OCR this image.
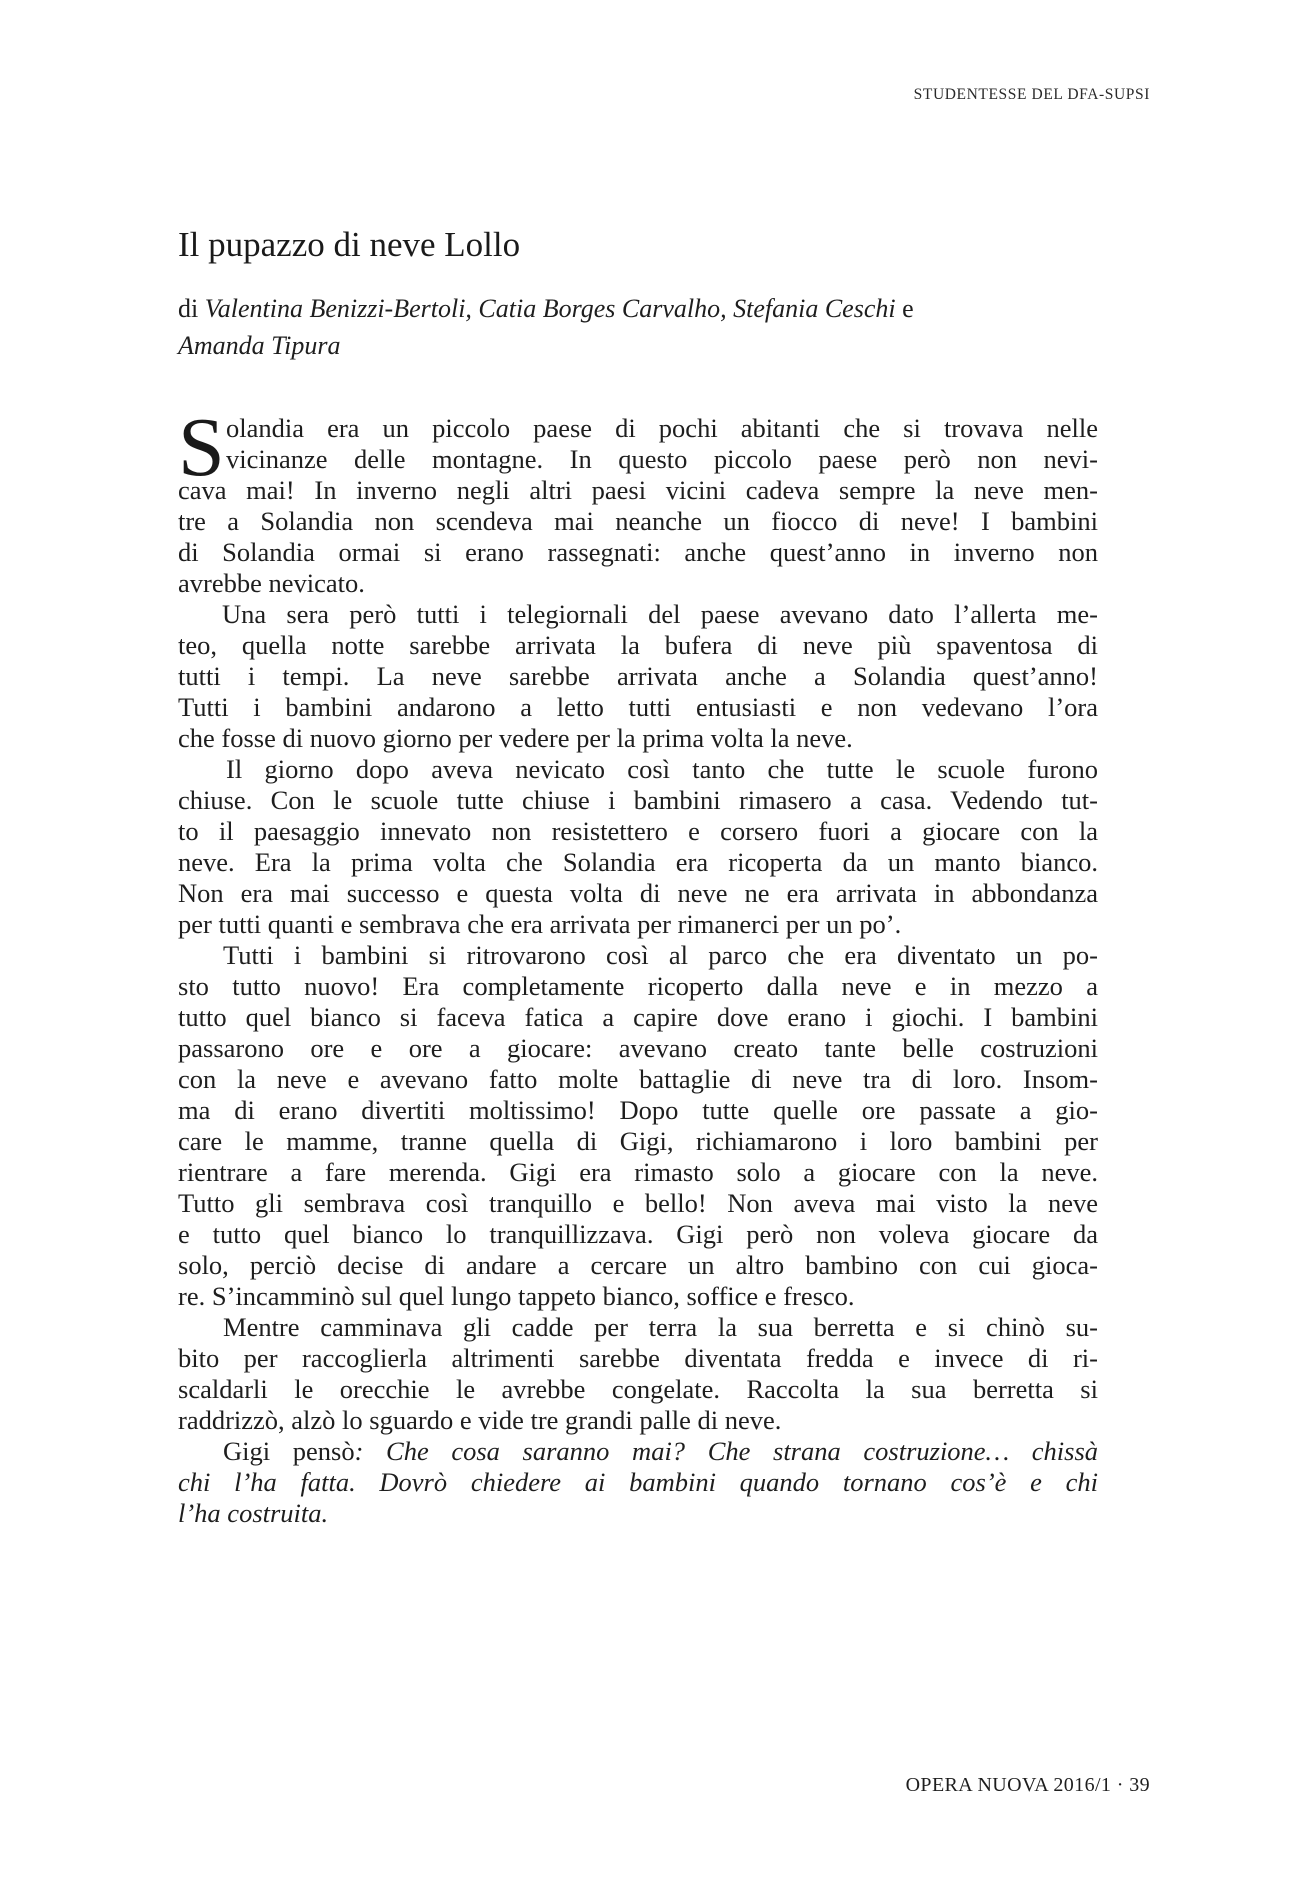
STUDENTESSE DEL DFA-SUPSI
Il pupazzo di neve Lollo

di Valentina Benizzi-Bertoli, Catia Borges Carvalho, Stefania Ceschi e
Amanda Tipura

S olandia era un piccolo paese di pochi abitanti che si trovava nelle
vicinanze delle montagne. In questo piccolo paese però non nevi-
cava mai! In inverno negli altri paesi vicini cadeva sempre la neve men-
tre a Solandia non scendeva mai neanche un fiocco di neve! I bambini
di Solandia ormai si erano rassegnati: anche quest’anno in inverno non
avrebbe nevicato.

Una sera però tutti i telegiornali del paese avevano dato l’allerta me-
teo, quella notte sarebbe arrivata la bufera di neve più spaventosa di
tutti i tempi. La neve sarebbe arrivata anche a Solandia quest’anno!
Tutti i bambini andarono a letto tutti entusiasti e non vedevano l’ora
che fosse di nuovo giorno per vedere per la prima volta la neve.

Il giorno dopo aveva nevicato così tanto che tutte le scuole furono
chiuse. Con le scuole tutte chiuse i bambini rimasero a casa. Vedendo tut-
to il paesaggio innevato non resistettero e corsero fuori a giocare con la
neve. Era la prima volta che Solandia era ricoperta da un manto bianco.
Non era mai successo e questa volta di neve ne era arrivata in abbondanza
per tutti quanti e sembrava che era arrivata per rimanerci per un po’.

Tutti i bambini si ritrovarono così al parco che era diventato un po-
sto tutto nuovo! Era completamente ricoperto dalla neve e in mezzo a
tutto quel bianco si faceva fatica a capire dove erano i giochi. I bambini
passarono ore e ore a giocare: avevano creato tante belle costruzioni
con la neve e avevano fatto molte battaglie di neve tra di loro. Insom-
ma di erano divertiti moltissimo! Dopo tutte quelle ore passate a gio-
care le mamme, tranne quella di Gigi, richiamarono i loro bambini per
rientrare a fare merenda. Gigi era rimasto solo a giocare con la neve.
Tutto gli sembrava così tranquillo e bello! Non aveva mai visto la neve
e tutto quel bianco lo tranquillizzava. Gigi però non voleva giocare da
solo, perciò decise di andare a cercare un altro bambino con cui gioca-
re. S’incamminò sul quel lungo tappeto bianco, soffice e fresco.

Mentre camminava gli cadde per terra la sua berretta e si chinò su-
bito per raccoglierla altrimenti sarebbe diventata fredda e invece di ri-
scaldarli le orecchie le avrebbe congelate. Raccolta la sua berretta si
raddrizzò, alzò lo sguardo e vide tre grandi palle di neve.

Gigi pensò: Che cosa saranno mai? Che strana costruzione… chissà
chi l’ha fatta. Dovrò chiedere ai bambini quando tornano cos’è e chi
l’ha costruita.

OPERA NUOVA 2016/1 · 39
